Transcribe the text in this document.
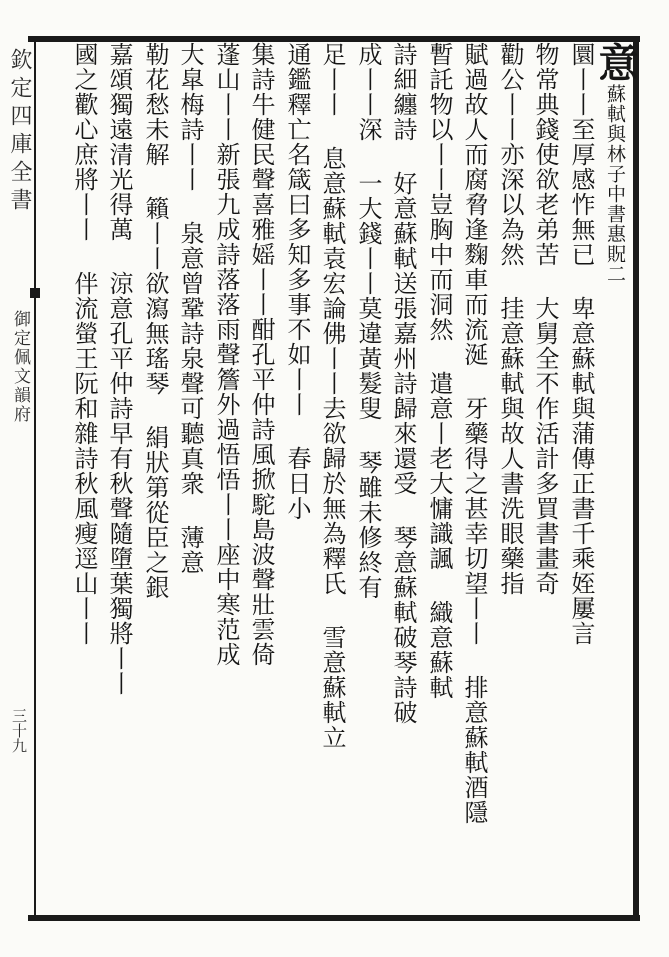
欽定四庫全書
御定佩文韻府
三十九
意蘇軾與林子中書惠貺二
圜丨丨至厚感怍無已 卑意蘇軾與蒲傳正書千乘姪屢言
物常典錢使欲老弟苦 大舅全不作活計多買書畫奇
勸公丨丨亦深以為然 挂意蘇軾與故人書洗眼藥指
賦過故人而腐脅逢麴車而流涎 牙藥得之甚幸切望丨丨 排意蘇軾酒隱
暫託物以丨丨豈胸中而洞然 遣意丨老大慵識諷 織意蘇軾
詩細纏詩 好意蘇軾送張嘉州詩歸來還受 琴意蘇軾破琴詩破
成丨丨深 一大錢丨丨莫違黃髮叟 琴雖未修終有
足丨丨 息意蘇軾袁宏論佛丨丨去欲歸於無為釋氏 雪意蘇軾立
通鑑釋亡名箴曰多知多事不如丨丨 春日小
集詩牛健民聲喜雅媱丨丨酣孔平仲詩風掀駝島波聲壯雲倚
蓬山丨丨新張九成詩落落雨聲簷外過悟悟丨丨座中寒范成
大皐梅詩丨丨 泉意曾鞏詩泉聲可聽真衆 薄意
勒花愁未解 籟丨丨欲瀉無瑤琴 絹狀第從臣之銀
嘉頌獨遠清光得萬 涼意孔平仲詩早有秋聲隨墮葉獨將丨丨
國之歡心庶將丨丨 伴流螢王阮和雜詩秋風瘦逕山丨丨
